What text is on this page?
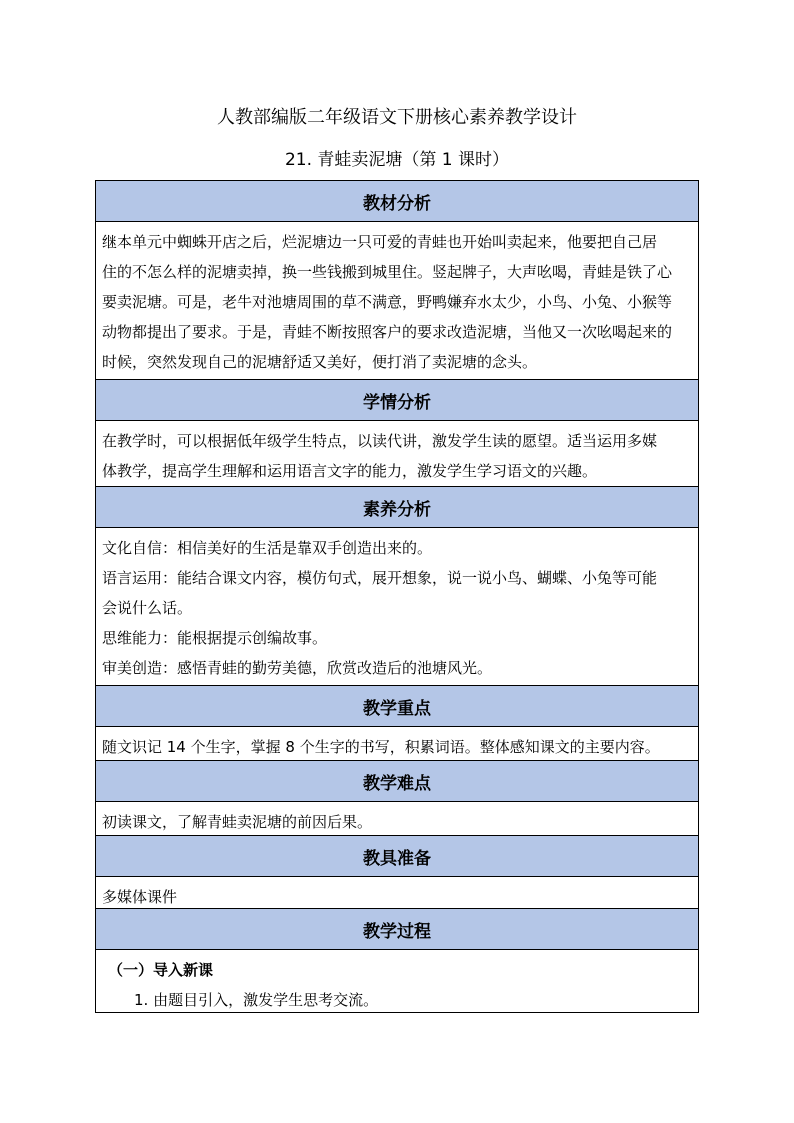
人教部编版二年级语文下册核心素养教学设计
21. 青蛙卖泥塘（第 1 课时）
教材分析

继本单元中蜘蛛开店之后，烂泥塘边一只可爱的青蛙也开始叫卖起来，他要把自己居

住的不怎么样的泥塘卖掉，换一些钱搬到城里住。竖起牌子，大声吆喝，青蛙是铁了心

要卖泥塘。可是，老牛对池塘周围的草不满意，野鸭嫌弃水太少，小鸟、小兔、小猴等

动物都提出了要求。于是，青蛙不断按照客户的要求改造泥塘，当他又一次吆喝起来的

时候，突然发现自己的泥塘舒适又美好，便打消了卖泥塘的念头。

学情分析

在教学时，可以根据低年级学生特点，以读代讲，激发学生读的愿望。适当运用多媒

体教学，提高学生理解和运用语言文字的能力，激发学生学习语文的兴趣。

素养分析

文化自信：相信美好的生活是靠双手创造出来的。

语言运用：能结合课文内容，模仿句式，展开想象，说一说小鸟、蝴蝶、小兔等可能

会说什么话。

思维能力：能根据提示创编故事。

审美创造：感悟青蛙的勤劳美德，欣赏改造后的池塘风光。

教学重点

随文识记 14 个生字，掌握 8 个生字的书写，积累词语。整体感知课文的主要内容。

教学难点

初读课文，了解青蛙卖泥塘的前因后果。

教具准备

多媒体课件

教学过程

（一）导入新课

1. 由题目引入，激发学生思考交流。
